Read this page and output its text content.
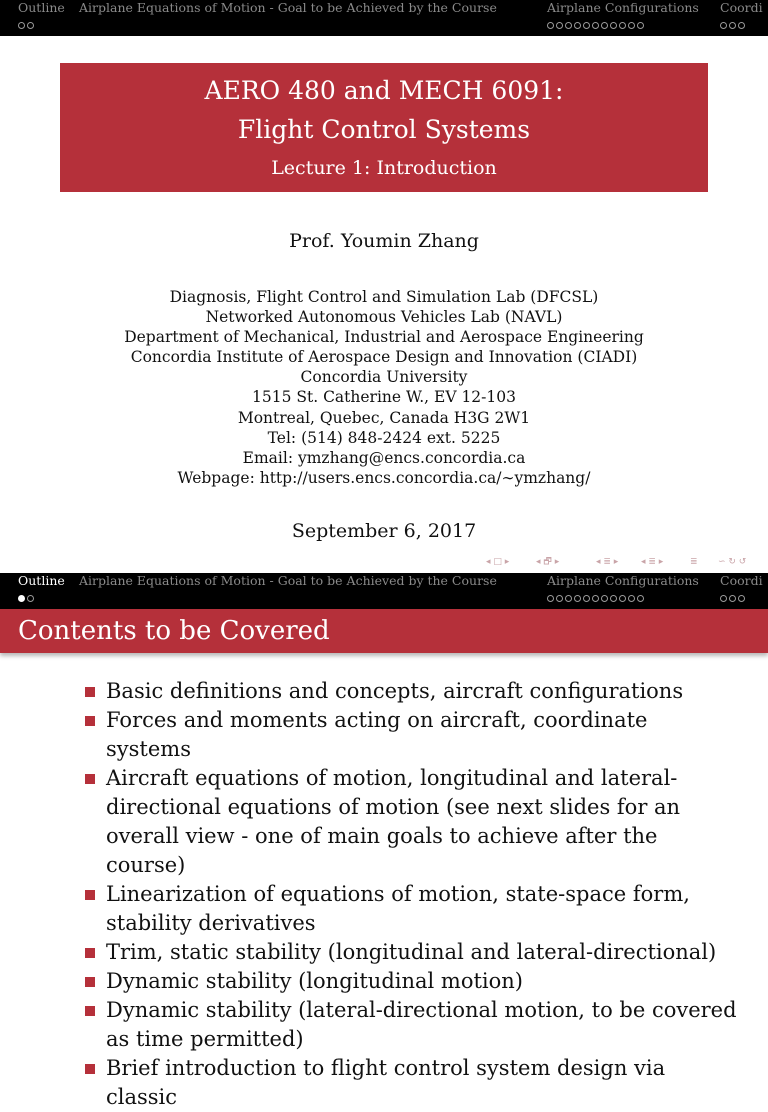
Outline Airplane Equations of Motion - Goal to be Achieved by the Course	Airplane Configurations Coordi
AERO 480 and MECH 6091:
Flight Control Systems
Lecture 1: Introduction
Prof. Youmin Zhang
Diagnosis, Flight Control and Simulation Lab (DFCSL)
Networked Autonomous Vehicles Lab (NAVL)
Department of Mechanical, Industrial and Aerospace Engineering
Concordia Institute of Aerospace Design and Innovation (CIADI)
Concordia University
1515 St. Catherine W., EV 12-103
Montreal, Quebec, Canada H3G 2W1
Tel: (514) 848-2424 ext. 5225
Email: ymzhang@encs.concordia.ca
Webpage: http://users.encs.concordia.ca/∼ymzhang/
September 6, 2017
◂ □ ▸	◂ 🗗 ▸	◂ ≣ ▸	◂ ≣ ▸	≣ ∽ ↻ ↺
Outline Airplane Equations of Motion - Goal to be Achieved by the Course	Airplane Configurations Coordi
Contents to be Covered
Basic definitions and concepts, aircraft configurations
Forces and moments acting on aircraft, coordinate systems
Aircraft equations of motion, longitudinal and lateral-directional equations of motion (see next slides for an overall view - one of main goals to achieve after the course)
Linearization of equations of motion, state-space form, stability derivatives
Trim, static stability (longitudinal and lateral-directional)
Dynamic stability (longitudinal motion)
Dynamic stability (lateral-directional motion, to be covered as time permitted)
Brief introduction to flight control system design via classic
